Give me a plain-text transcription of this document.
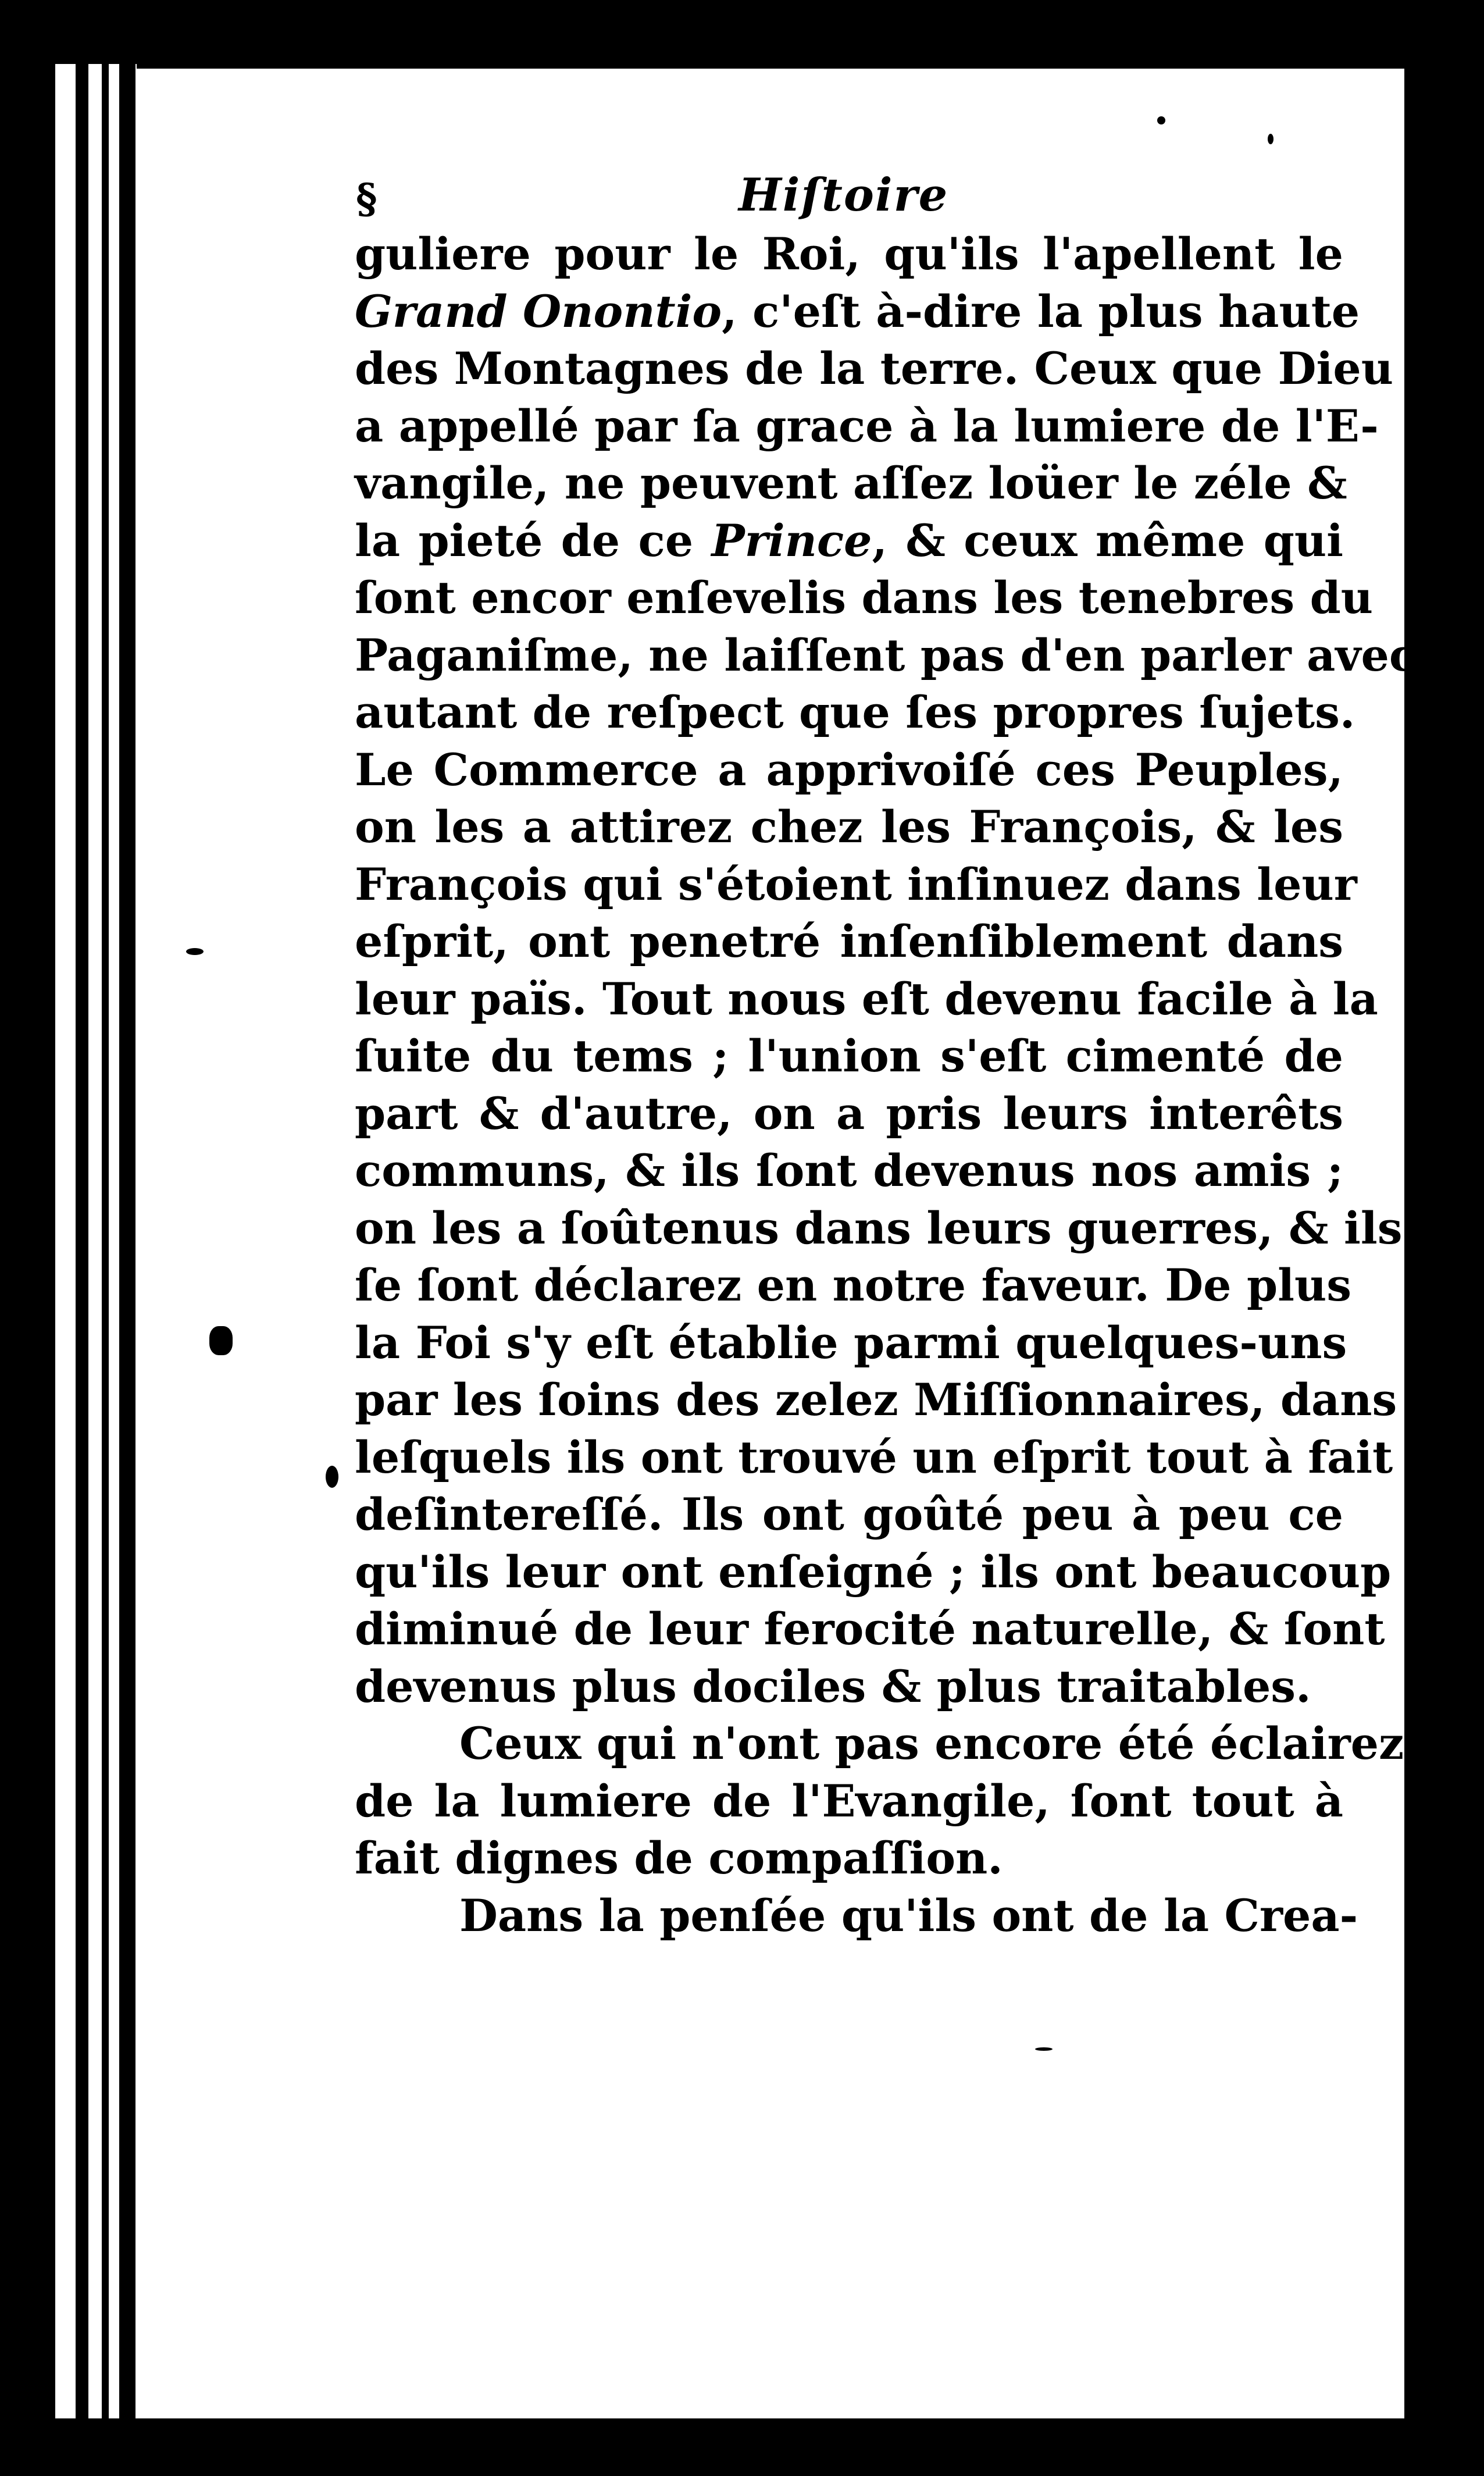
§	Hiſtoire
guliere pour le Roi, qu'ils l'apellent le
Grand Onontio, c'eſt à-dire la plus haute
des Montagnes de la terre. Ceux que Dieu
a appellé par ſa grace à la lumiere de l'E-
vangile, ne peuvent aſſez loüer le zéle &
la pieté de ce Prince, & ceux même qui
ſont encor enſevelis dans les tenebres du
Paganiſme, ne laiſſent pas d'en parler avec
autant de reſpect que ſes propres ſujets.
Le Commerce a apprivoiſé ces Peuples,
on les a attirez chez les François, & les
François qui s'étoient inſinuez dans leur
eſprit, ont penetré inſenſiblement dans
leur païs. Tout nous eſt devenu facile à la
ſuite du tems ; l'union s'eſt cimenté de
part & d'autre, on a pris leurs interêts
communs, & ils ſont devenus nos amis ;
on les a ſoûtenus dans leurs guerres, & ils
ſe ſont déclarez en notre faveur. De plus
la Foi s'y eſt établie parmi quelques-uns
par les ſoins des zelez Miſſionnaires, dans
leſquels ils ont trouvé un eſprit tout à fait
deſintereſſé. Ils ont goûté peu à peu ce
qu'ils leur ont enſeigné ; ils ont beaucoup
diminué de leur ferocité naturelle, & ſont
devenus plus dociles & plus traitables.
Ceux qui n'ont pas encore été éclairez
de la lumiere de l'Evangile, ſont tout à
fait dignes de compaſſion.
Dans la penſée qu'ils ont de la Crea-
